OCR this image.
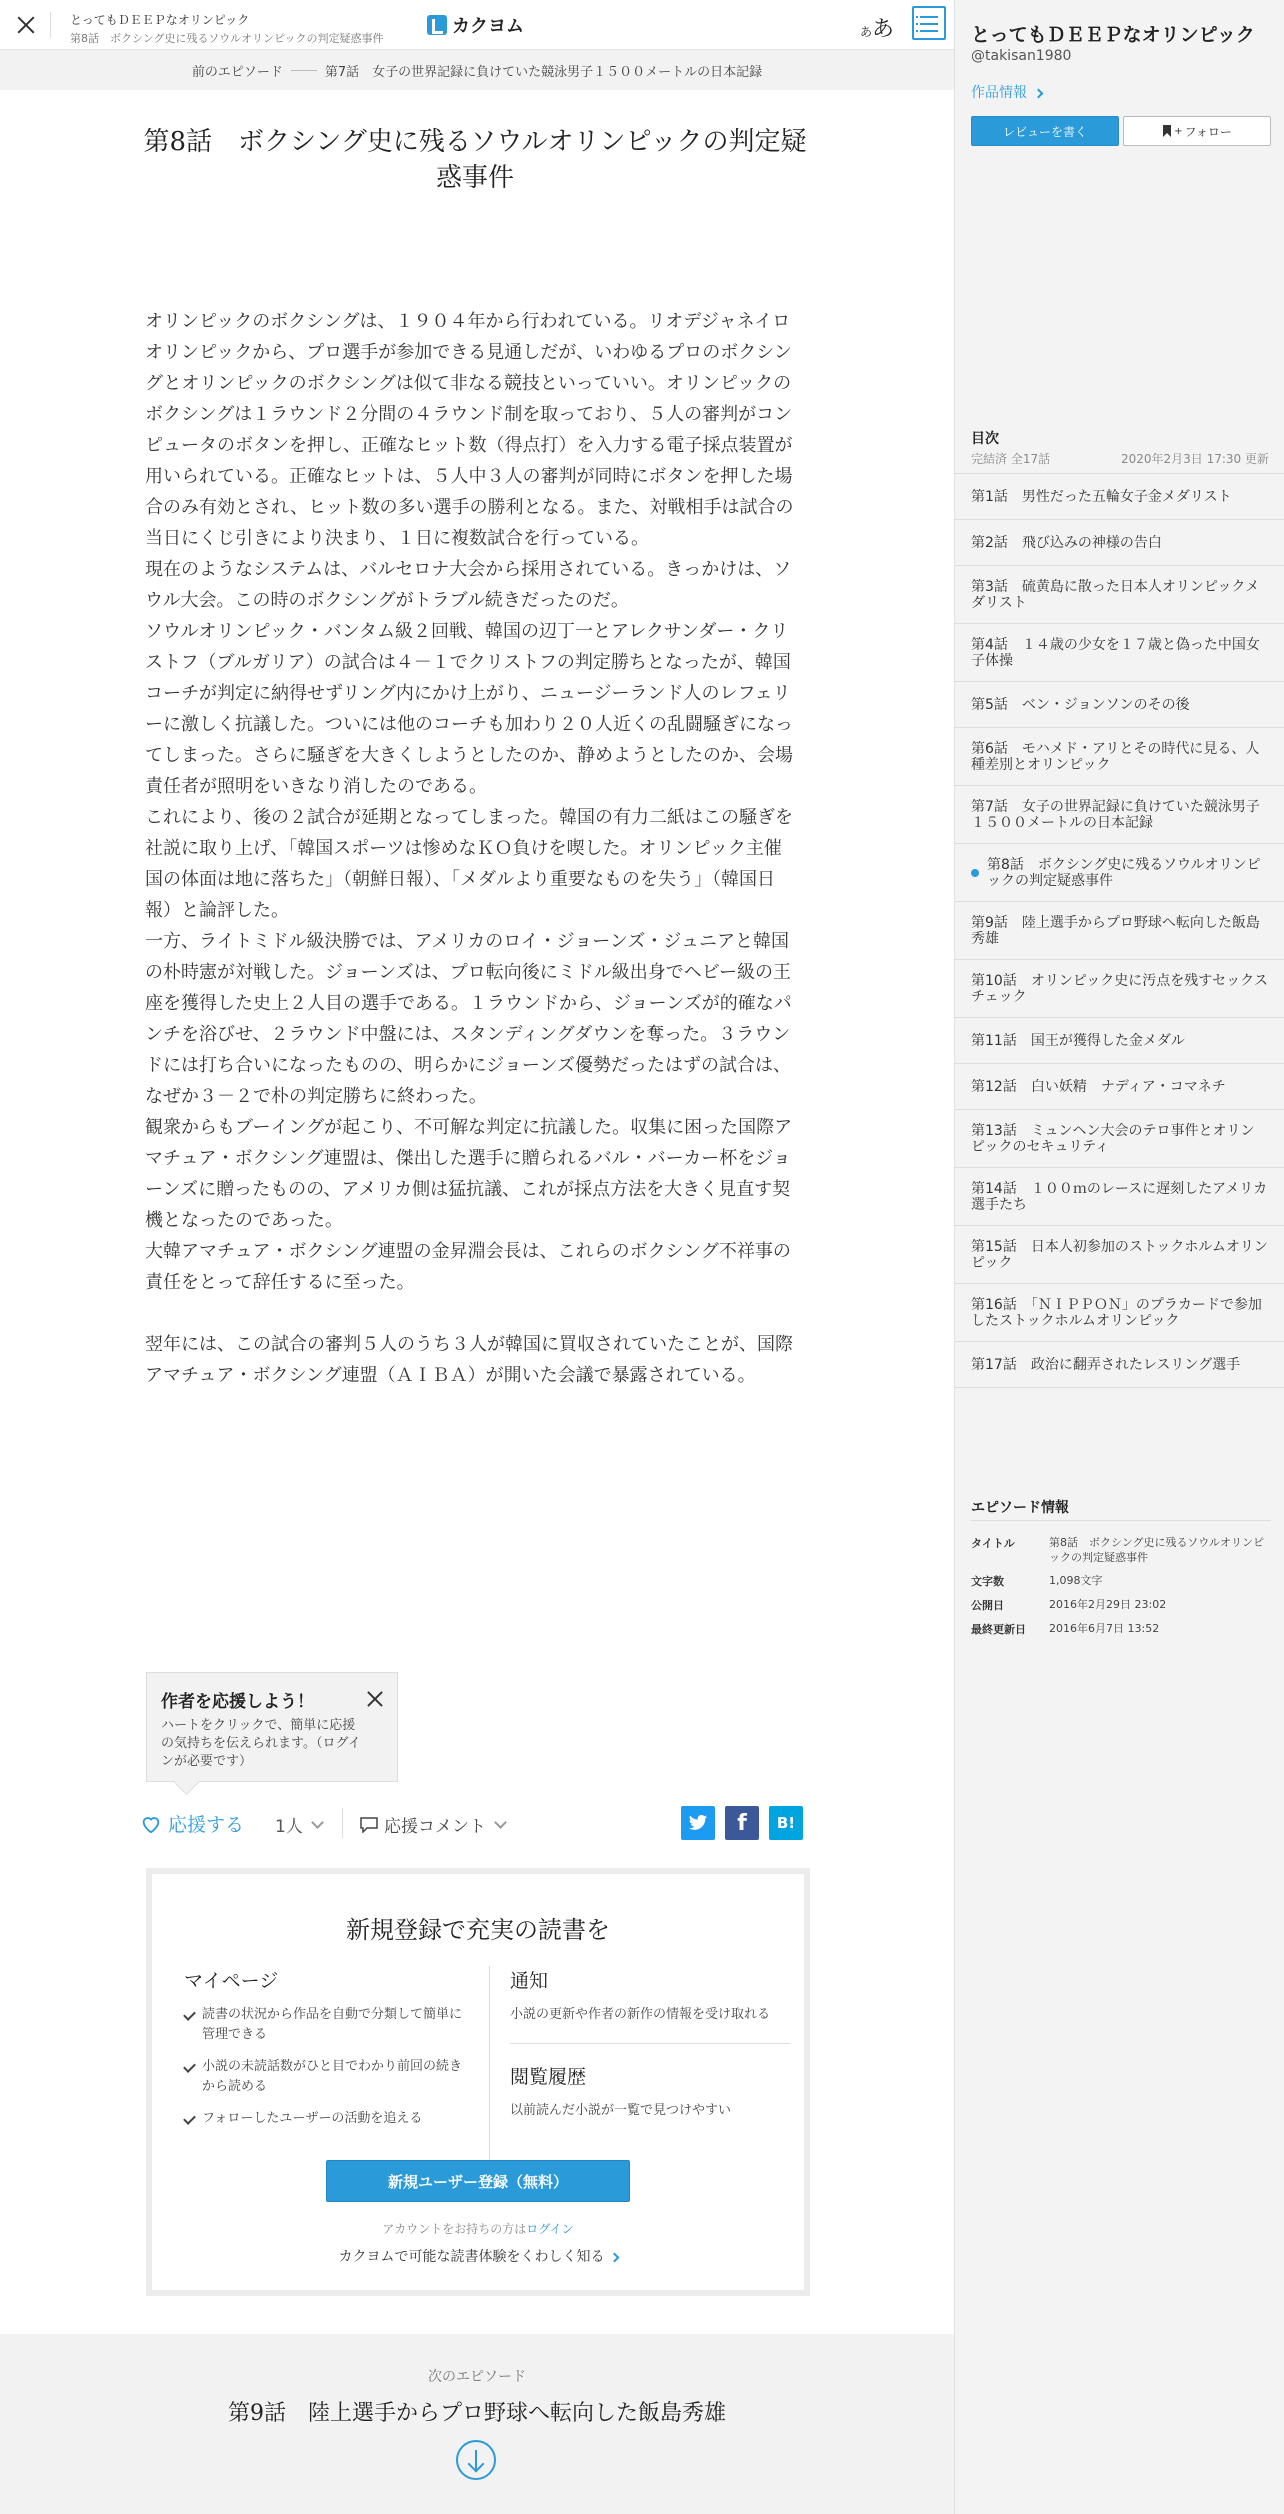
とってもＤＥＥＰなオリンピック
第8話　ボクシング史に残るソウルオリンピックの判定疑惑事件
カクヨム	ああ
前のエピソード	第7話　女子の世界記録に負けていた競泳男子１５００メートルの日本記録
第8話　ボクシング史に残るソウルオリンピックの判定疑惑事件

オリンピックのボクシングは、１９０４年から行われている。リオデジャネイロオリンピックから、プロ選手が参加できる見通しだが、いわゆるプロのボクシングとオリンピックのボクシングは似て非なる競技といっていい。オリンピックのボクシングは１ラウンド２分間の４ラウンド制を取っており、５人の審判がコンピュータのボタンを押し、正確なヒット数（得点打）を入力する電子採点装置が用いられている。正確なヒットは、５人中３人の審判が同時にボタンを押した場合のみ有効とされ、ヒット数の多い選手の勝利となる。また、対戦相手は試合の当日にくじ引きにより決まり、１日に複数試合を行っている。

現在のようなシステムは、バルセロナ大会から採用されている。きっかけは、ソウル大会。この時のボクシングがトラブル続きだったのだ。

ソウルオリンピック・バンタム級２回戦、韓国の辺丁一とアレクサンダー・クリストフ（ブルガリア）の試合は４－１でクリストフの判定勝ちとなったが、韓国コーチが判定に納得せずリング内にかけ上がり、ニュージーランド人のレフェリーに激しく抗議した。ついには他のコーチも加わり２０人近くの乱闘騒ぎになってしまった。さらに騒ぎを大きくしようとしたのか、静めようとしたのか、会場責任者が照明をいきなり消したのである。

これにより、後の２試合が延期となってしまった。韓国の有力二紙はこの騒ぎを社説に取り上げ、「韓国スポーツは惨めなＫＯ負けを喫した。オリンピック主催国の体面は地に落ちた」（朝鮮日報）、「メダルより重要なものを失う」（韓国日報）と論評した。

一方、ライトミドル級決勝では、アメリカのロイ・ジョーンズ・ジュニアと韓国の朴時憲が対戦した。ジョーンズは、プロ転向後にミドル級出身でヘビー級の王座を獲得した史上２人目の選手である。１ラウンドから、ジョーンズが的確なパンチを浴びせ、２ラウンド中盤には、スタンディングダウンを奪った。３ラウンドには打ち合いになったものの、明らかにジョーンズ優勢だったはずの試合は、なぜか３－２で朴の判定勝ちに終わった。

観衆からもブーイングが起こり、不可解な判定に抗議した。収集に困った国際アマチュア・ボクシング連盟は、傑出した選手に贈られるバル・バーカー杯をジョーンズに贈ったものの、アメリカ側は猛抗議、これが採点方法を大きく見直す契機となったのであった。

大韓アマチュア・ボクシング連盟の金昇淵会長は、これらのボクシング不祥事の責任をとって辞任するに至った。

翌年には、この試合の審判５人のうち３人が韓国に買収されていたことが、国際アマチュア・ボクシング連盟（ＡＩＢＡ）が開いた会議で暴露されている。

作者を応援しよう！
ハートをクリックで、簡単に応援の気持ちを伝えられます。（ログインが必要です）
応援する 1人	応援コメント	f B!
新規登録で充実の読書を
マイページ
読書の状況から作品を自動で分類して簡単に管理できる
小説の未読話数がひと目でわかり前回の続きから読める
フォローしたユーザーの活動を追える
通知
小説の更新や作者の新作の情報を受け取れる
閲覧履歴
以前読んだ小説が一覧で見つけやすい
新規ユーザー登録（無料）
アカウントをお持ちの方はログイン
カクヨムで可能な読書体験をくわしく知る
次のエピソード
第9話　陸上選手からプロ野球へ転向した飯島秀雄
とってもＤＥＥＰなオリンピック
@takisan1980
作品情報
レビューを書く	+ フォロー
目次
完結済 全17話	2020年2月3日 17:30 更新
第1話　男性だった五輪女子金メダリスト
第2話　飛び込みの神様の告白
第3話　硫黄島に散った日本人オリンピックメダリスト
第4話　１４歳の少女を１７歳と偽った中国女子体操
第5話　ベン・ジョンソンのその後
第6話　モハメド・アリとその時代に見る、人種差別とオリンピック
第7話　女子の世界記録に負けていた競泳男子１５００メートルの日本記録
第8話　ボクシング史に残るソウルオリンピックの判定疑惑事件
第9話　陸上選手からプロ野球へ転向した飯島秀雄
第10話　オリンピック史に汚点を残すセックスチェック
第11話　国王が獲得した金メダル
第12話　白い妖精　ナディア・コマネチ
第13話　ミュンヘン大会のテロ事件とオリンピックのセキュリティ
第14話　１００ｍのレースに遅刻したアメリカ選手たち
第15話　日本人初参加のストックホルムオリンピック
第16話　「ＮＩＰＰＯＮ」のプラカードで参加したストックホルムオリンピック
第17話　政治に翻弄されたレスリング選手
エピソード情報
タイトル	第8話　ボクシング史に残るソウルオリンピックの判定疑惑事件
文字数	1,098文字
公開日	2016年2月29日 23:02
最終更新日	2016年6月7日 13:52
